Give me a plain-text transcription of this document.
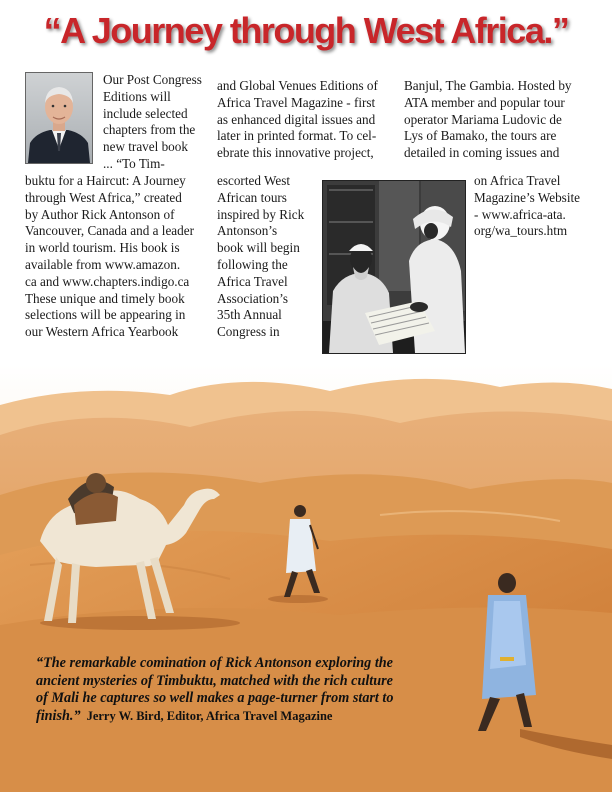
“A Journey through West Africa.”
Our Post Congress
Editions will
include selected
chapters from the
new travel book
... “To Tim-
buktu for a Haircut: A Journey
through West Africa,” created
by Author Rick Antonson of
Vancouver, Canada and a leader
in world tourism. His book is
available from www.amazon.
ca and www.chapters.indigo.ca
These unique and timely book
selections will be appearing in
our Western Africa Yearbook
and Global Venues Editions of
Africa Travel Magazine - first
as enhanced digital issues and
later in printed format. To cel-
ebrate this innovative project,
escorted West
African tours
inspired by Rick
Antonson’s
book will begin
following the
Africa Travel
Association’s
35th Annual
Congress in
Banjul, The Gambia. Hosted by
ATA member and popular tour
operator Mariama Ludovic de
Lys of Bamako, the tours are
detailed in coming issues and
on Africa Travel
Magazine’s Website
- www.africa-ata.
org/wa_tours.htm
“The remarkable comination of Rick Antonson exploring the
ancient mysteries of Timbuktu, matched with the rich culture
of Mali he captures so well makes a page-turner from start to
finish.” Jerry W. Bird, Editor, Africa Travel Magazine
